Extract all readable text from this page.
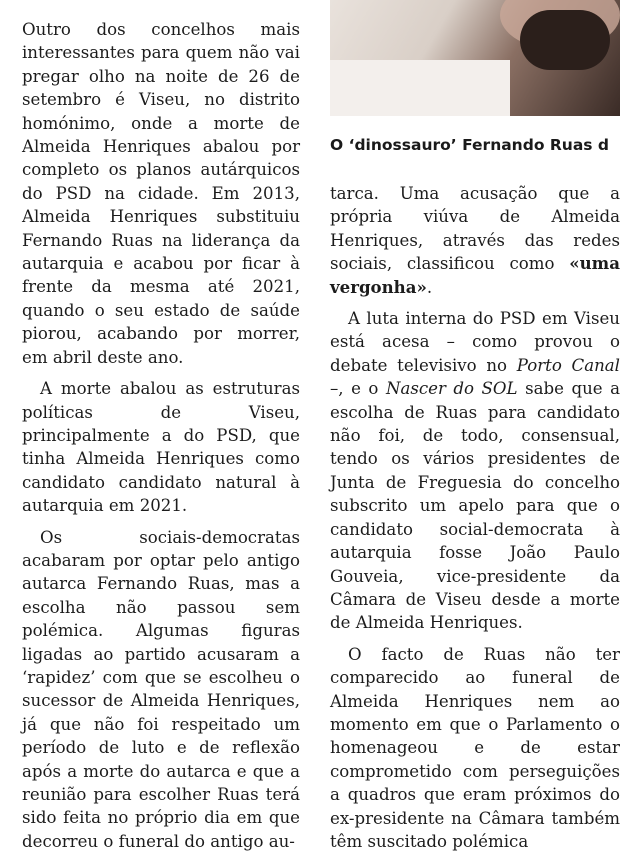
Outro dos concelhos mais interessantes para quem não vai pregar olho na noite de 26 de setembro é Viseu, no distrito homónimo, onde a morte de Almeida Henriques abalou por completo os planos autárquicos do PSD na cidade. Em 2013, Almeida Henriques substituiu Fernando Ruas na liderança da autarquia e acabou por ficar à frente da mesma até 2021, quando o seu estado de saúde piorou, acabando por morrer, em abril deste ano.

A morte abalou as estruturas políticas de Viseu, principalmente a do PSD, que tinha Almeida Henriques como candidato candidato natural à autarquia em 2021.

Os sociais-democratas acabaram por optar pelo antigo autarca Fernando Ruas, mas a escolha não passou sem polémica. Algumas figuras ligadas ao partido acusaram a ‘rapidez’ com que se escolheu o sucessor de Almeida Henriques, já que não foi respeitado um período de luto e de reflexão após a morte do autarca e que a reunião para escolher Ruas terá sido feita no próprio dia em que decorreu o funeral do antigo au-

O ‘dinossauro’ Fernando Ruas d

tarca. Uma acusação que a própria viúva de Almeida Henriques, através das redes sociais, classificou como «uma vergonha».

A luta interna do PSD em Viseu está acesa – como provou o debate televisivo no Porto Canal –, e o Nascer do SOL sabe que a escolha de Ruas para candidato não foi, de todo, consensual, tendo os vários presidentes de Junta de Freguesia do concelho subscrito um apelo para que o candidato social-democrata à autarquia fosse João Paulo Gouveia, vice-presidente da Câmara de Viseu desde a morte de Almeida Henriques.

O facto de Ruas não ter comparecido ao funeral de Almeida Henriques nem ao momento em que o Parlamento o homenageou e de estar comprometido com perseguições a quadros que eram próximos do ex-presidente na Câmara também têm suscitado polémica
